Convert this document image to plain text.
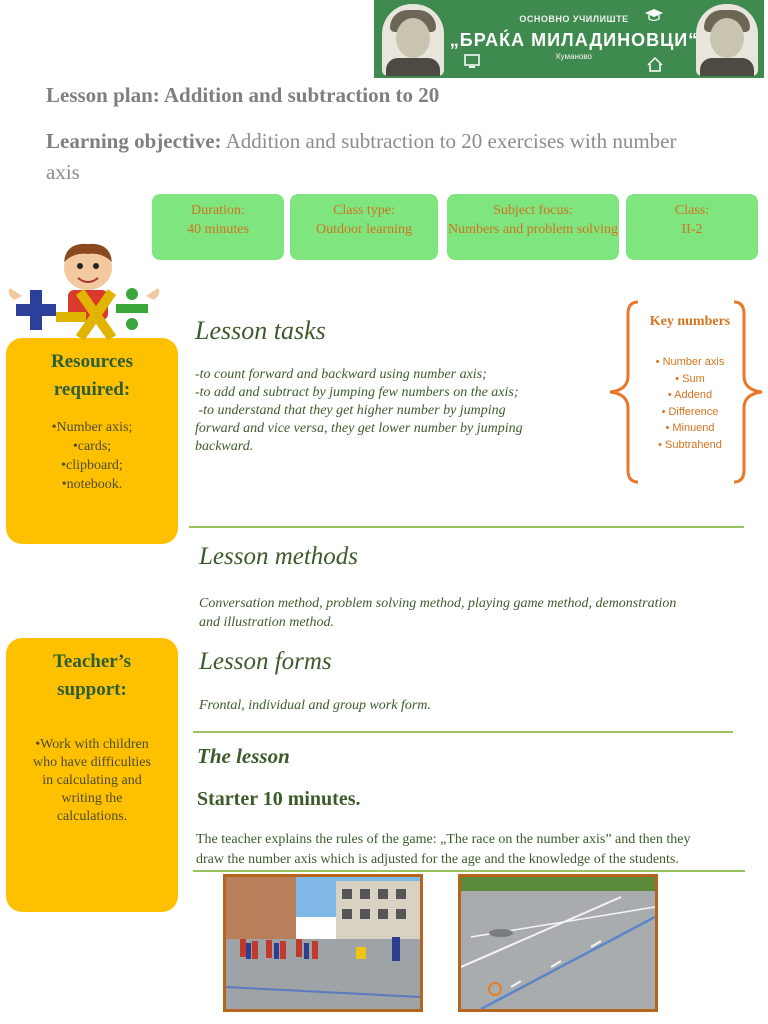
ОСНОВНО УЧИЛИШТЕ
„БРАЌА МИЛАДИНОВЦИ“
Куманово
Lesson plan: Addition and subtraction to 20
Learning objective: Addition and subtraction to 20 exercises with number axis
Duration:
40 minutes
Class type:
Outdoor learning
Subject focus:
Numbers and problem solving
Class:
II-2
Resources
required:
•Number axis;
•cards;
•clipboard;
•notebook.
Lesson tasks
-to count forward and backward using number axis;
-to add and subtract by jumping few numbers on the axis;
-to understand that they get higher number by jumping
forward and vice versa, they get lower number by jumping
backward.
Key numbers
• Number axis
• Sum
• Addend
• Difference
• Minuend
• Subtrahend
Lesson methods
Conversation method, problem solving method, playing game method, demonstration
and illustration method.
Teacher’s
support:
•Work with children
who have difficulties
in calculating and
writing the
calculations.
Lesson forms
Frontal, individual and group work form.
The lesson
Starter 10 minutes.
The teacher explains the rules of the game: „The race on the number axis” and then they
draw the number axis which is adjusted for the age and the knowledge of the students.
